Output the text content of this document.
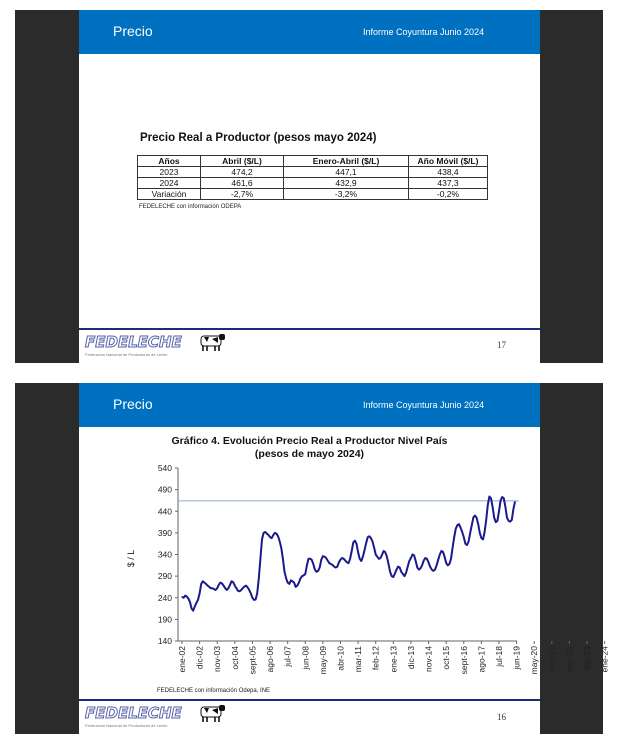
Precio	Informe Coyuntura Junio 2024
Precio Real a Productor (pesos mayo 2024)
Años	Abril ($/L)	Enero-Abril ($/L)	Año Móvil ($/L)
2023	474,2	447,1	438,4
2024	461,6	432,9	437,3
Variación	-2,7%	-3,2%	-0,2%
FEDELECHE con información ODEPA
FEDELECHE
Federación Nacional de Productores de Leche
17
Precio	Informe Coyuntura Junio 2024
Gráfico 4. Evolución Precio Real a Productor Nivel País
(pesos de mayo 2024)
140
190
240
290
340
390
440
490
540
ene-02 dic-02 nov-03 oct-04 sept-05 ago-06 jul-07 jun-08 may-09 abr-10 mar-11 feb-12 ene-13 dic-13 nov-14 oct-15 sept-16 ago-17 jul-18 jun-19 may-20 abr-21 mar-22 feb-23 ene-24
$ / L
FEDELECHE con información Odepa, INE
FEDELECHE
Federación Nacional de Productores de Leche
16
